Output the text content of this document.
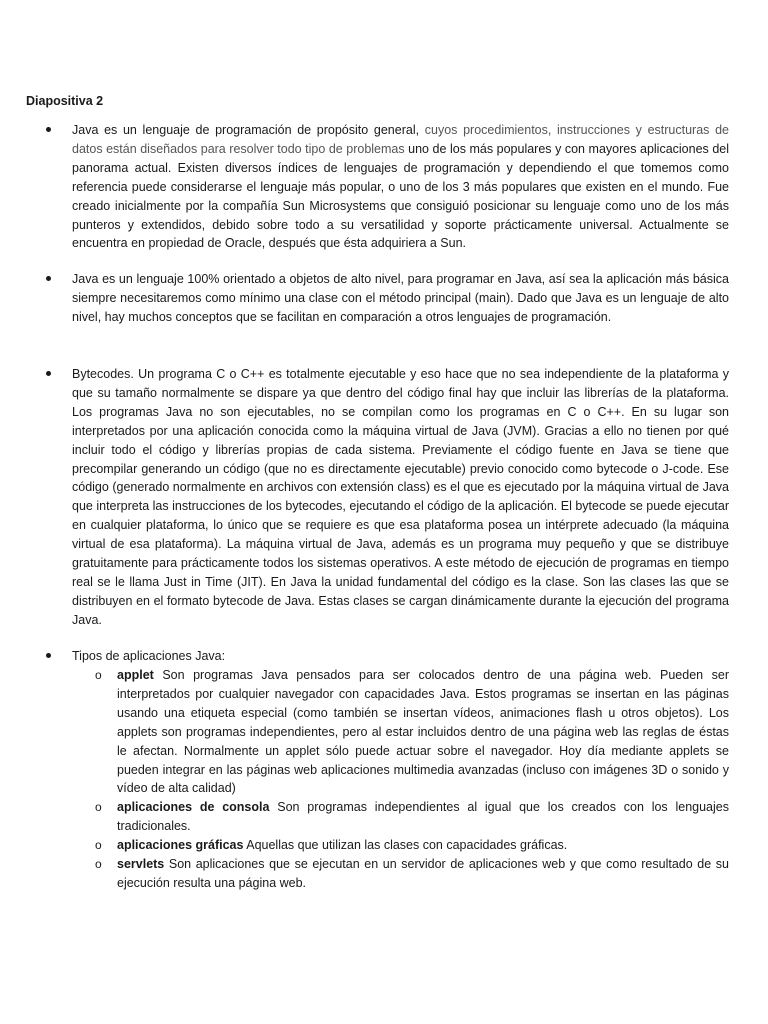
Diapositiva 2
Java es un lenguaje de programación de propósito general, cuyos procedimientos, instrucciones y estructuras de datos están diseñados para resolver todo tipo de problemas uno de los más populares y con mayores aplicaciones del panorama actual. Existen diversos índices de lenguajes de programación y dependiendo el que tomemos como referencia puede considerarse el lenguaje más popular, o uno de los 3 más populares que existen en el mundo. Fue creado inicialmente por la compañía Sun Microsystems que consiguió posicionar su lenguaje como uno de los más punteros y extendidos, debido sobre todo a su versatilidad y soporte prácticamente universal. Actualmente se encuentra en propiedad de Oracle, después que ésta adquiriera a Sun.
Java es un lenguaje 100% orientado a objetos de alto nivel, para programar en Java, así sea la aplicación más básica siempre necesitaremos como mínimo una clase con el método principal (main). Dado que Java es un lenguaje de alto nivel, hay muchos conceptos que se facilitan en comparación a otros lenguajes de programación.
Bytecodes. Un programa C o C++ es totalmente ejecutable y eso hace que no sea independiente de la plataforma y que su tamaño normalmente se dispare ya que dentro del código final hay que incluir las librerías de la plataforma. Los programas Java no son ejecutables, no se compilan como los programas en C o C++. En su lugar son interpretados por una aplicación conocida como la máquina virtual de Java (JVM). Gracias a ello no tienen por qué incluir todo el código y librerías propias de cada sistema. Previamente el código fuente en Java se tiene que precompilar generando un código (que no es directamente ejecutable) previo conocido como bytecode o J-code. Ese código (generado normalmente en archivos con extensión class) es el que es ejecutado por la máquina virtual de Java que interpreta las instrucciones de los bytecodes, ejecutando el código de la aplicación. El bytecode se puede ejecutar en cualquier plataforma, lo único que se requiere es que esa plataforma posea un intérprete adecuado (la máquina virtual de esa plataforma). La máquina virtual de Java, además es un programa muy pequeño y que se distribuye gratuitamente para prácticamente todos los sistemas operativos. A este método de ejecución de programas en tiempo real se le llama Just in Time (JIT). En Java la unidad fundamental del código es la clase. Son las clases las que se distribuyen en el formato bytecode de Java. Estas clases se cargan dinámicamente durante la ejecución del programa Java.
Tipos de aplicaciones Java:

o applet Son programas Java pensados para ser colocados dentro de una página web. Pueden ser interpretados por cualquier navegador con capacidades Java. Estos programas se insertan en las páginas usando una etiqueta especial (como también se insertan vídeos, animaciones flash u otros objetos). Los applets son programas independientes, pero al estar incluidos dentro de una página web las reglas de éstas le afectan. Normalmente un applet sólo puede actuar sobre el navegador. Hoy día mediante applets se pueden integrar en las páginas web aplicaciones multimedia avanzadas (incluso con imágenes 3D o sonido y vídeo de alta calidad)

o aplicaciones de consola Son programas independientes al igual que los creados con los lenguajes tradicionales.

o aplicaciones gráficas Aquellas que utilizan las clases con capacidades gráficas.

o servlets Son aplicaciones que se ejecutan en un servidor de aplicaciones web y que como resultado de su ejecución resulta una página web.
